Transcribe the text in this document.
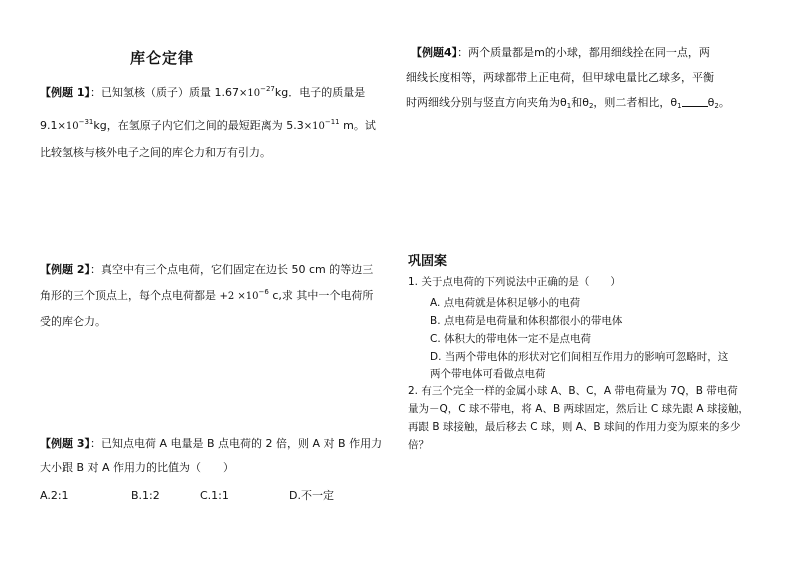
库仑定律
【例题 1】：已知氢核（质子）质量 $1.67\times 10^{-27}kg$．电子的质量是
$9.1\times 10^{-31}kg$，在氢原子内它们之间的最短距离为 $5.3\times 10^{-11}$ m。试
比较氢核与核外电子之间的库仑力和万有引力。
【例题 2】：真空中有三个点电荷，它们固定在边长 50 cm 的等边三
角形的三个顶点上，每个点电荷都是 $+2 \times 10^{-6}$ c,求 其中一个电荷所
受的库仑力。
【例题 3】：已知点电荷 A 电量是 B 点电荷的 2 倍，则 A 对 B 作用力
大小跟 B 对 A 作用力的比值为（　　）
A.2:1	B.1:2	C.1:1	D.不一定
【例题4】：两个质量都是m的小球，都用细线拴在同一点，两
细线长度相等，两球都带上正电荷，但甲球电量比乙球多，平衡
时两细线分别与竖直方向夹角为$\theta_1$和$\theta_2$，则二者相比，$\theta_1$ $\theta_2$。
巩固案
1. 关于点电荷的下列说法中正确的是（　　）
A. 点电荷就是体积足够小的电荷
B. 点电荷是电荷量和体积都很小的带电体
C. 体积大的带电体一定不是点电荷
D. 当两个带电体的形状对它们间相互作用力的影响可忽略时，这
两个带电体可看做点电荷
2. 有三个完全一样的金属小球 A、B、C，A 带电荷量为 7Q，B 带电荷
量为－Q，C 球不带电，将 A、B 两球固定，然后让 C 球先跟 A 球接触，
再跟 B 球接触，最后移去 C 球，则 A、B 球间的作用力变为原来的多少
倍？
